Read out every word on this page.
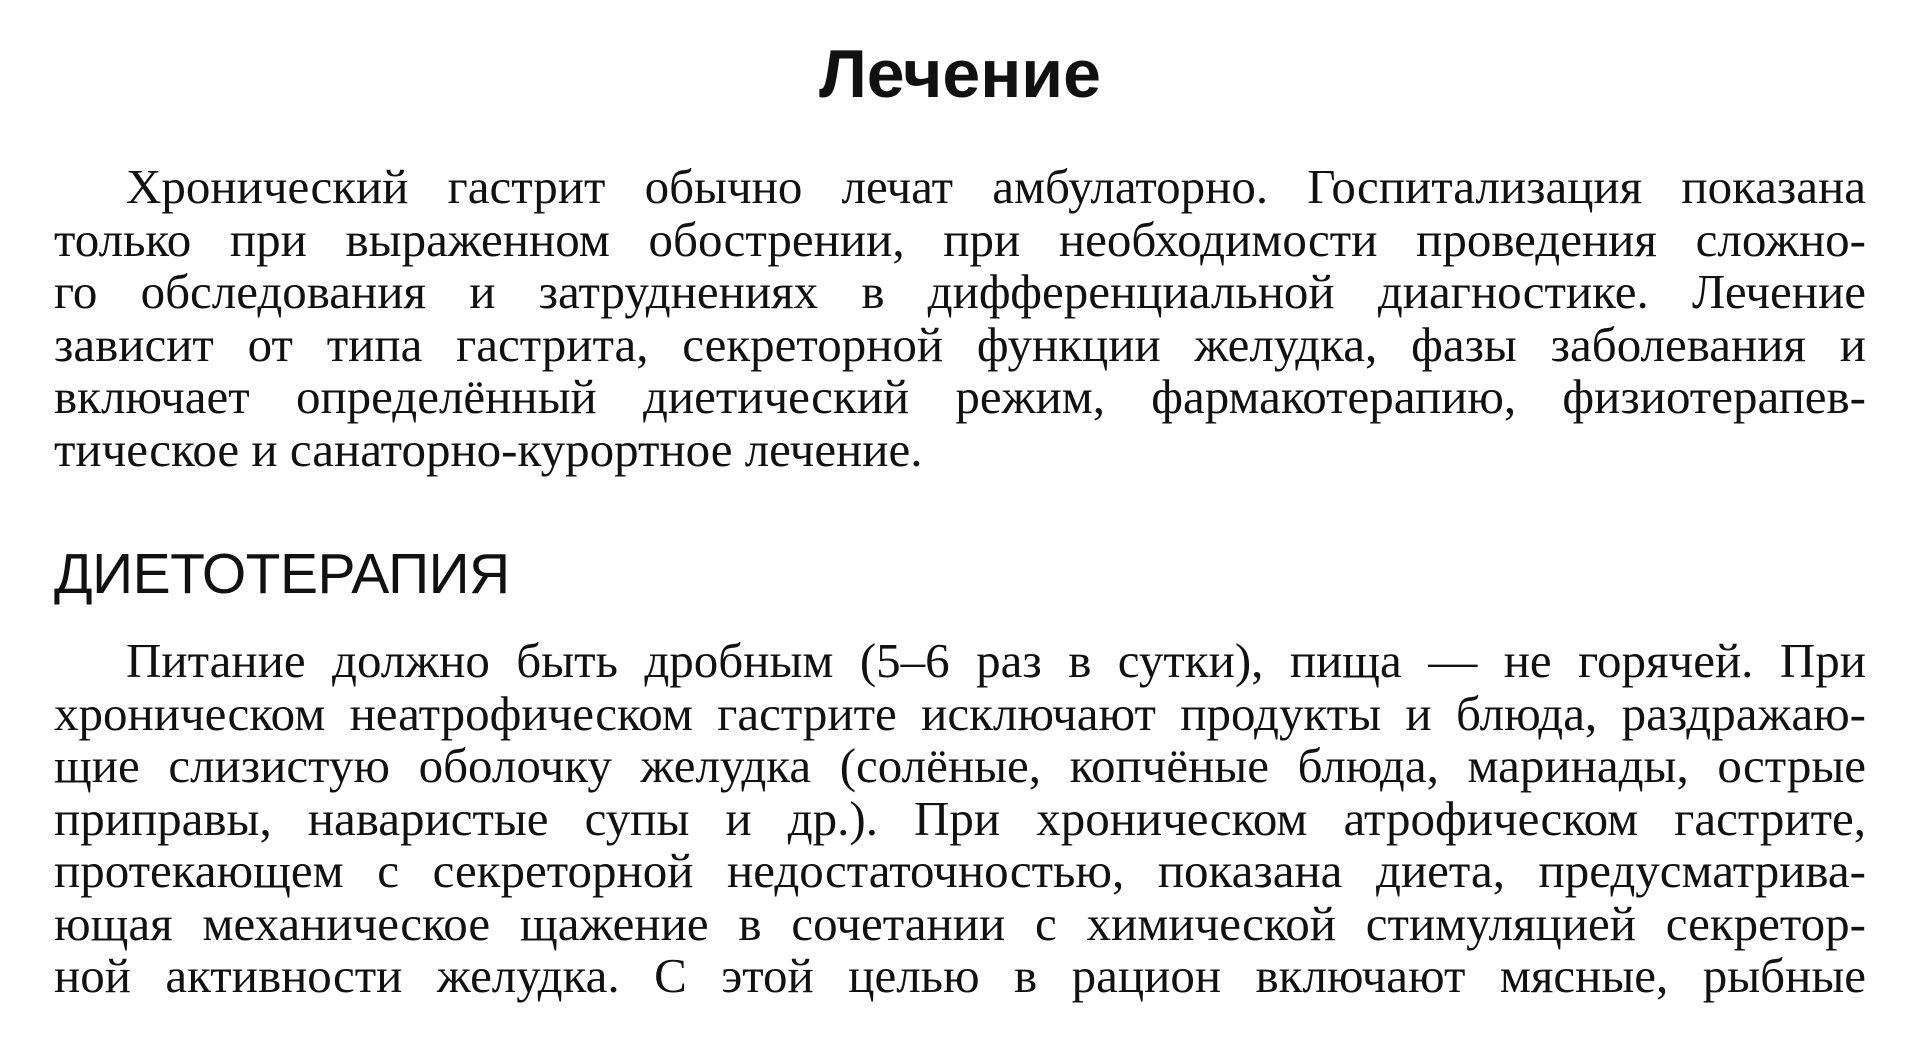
Лечение
Хронический гастрит обычно лечат амбулаторно. Госпитализация показана
только при выраженном обострении, при необходимости проведения сложно-
го обследования и затруднениях в дифференциальной диагностике. Лечение
зависит от типа гастрита, секреторной функции желудка, фазы заболевания и
включает определённый диетический режим, фармакотерапию, физиотерапев-
тическое и санаторно-курортное лечение.
ДИЕТОТЕРАПИЯ
Питание должно быть дробным (5–6 раз в сутки), пища — не горячей. При
хроническом неатрофическом гастрите исключают продукты и блюда, раздражаю-
щие слизистую оболочку желудка (солёные, копчёные блюда, маринады, острые
приправы, наваристые супы и др.). При хроническом атрофическом гастрите,
протекающем с секреторной недостаточностью, показана диета, предусматрива-
ющая механическое щажение в сочетании с химической стимуляцией секретор-
ной активности желудка. С этой целью в рацион включают мясные, рыбные
